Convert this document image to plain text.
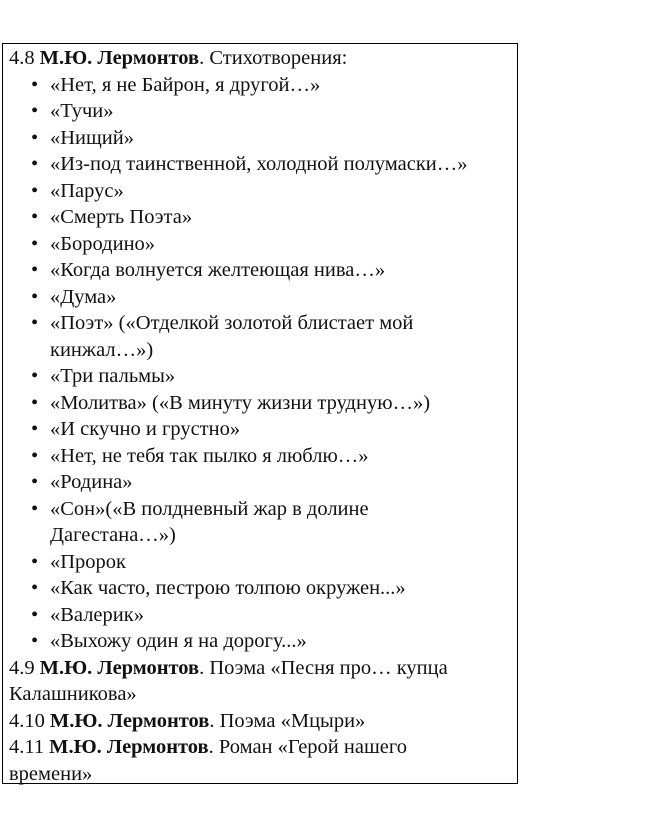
4.8 М.Ю. Лермонтов. Стихотворения:
• «Нет, я не Байрон, я другой…»
• «Тучи»
• «Нищий»
• «Из-под таинственной, холодной полумаски…»
• «Парус»
• «Смерть Поэта»
• «Бородино»
• «Когда волнуется желтеющая нива…»
• «Дума»
• «Поэт» («Отделкой золотой блистает мой кинжал…»)
• «Три пальмы»
• «Молитва» («В минуту жизни трудную…»)
• «И скучно и грустно»
• «Нет, не тебя так пылко я люблю…»
• «Родина»
• «Сон»(«В полдневный жар в долине Дагестана…»)
• «Пророк
• «Как часто, пестрою толпою окружен...»
• «Валерик»
• «Выхожу один я на дорогу...»
4.9 М.Ю. Лермонтов. Поэма «Песня про… купца Калашникова»
4.10 М.Ю. Лермонтов. Поэма «Мцыри»
4.11 М.Ю. Лермонтов. Роман «Герой нашего времени»
